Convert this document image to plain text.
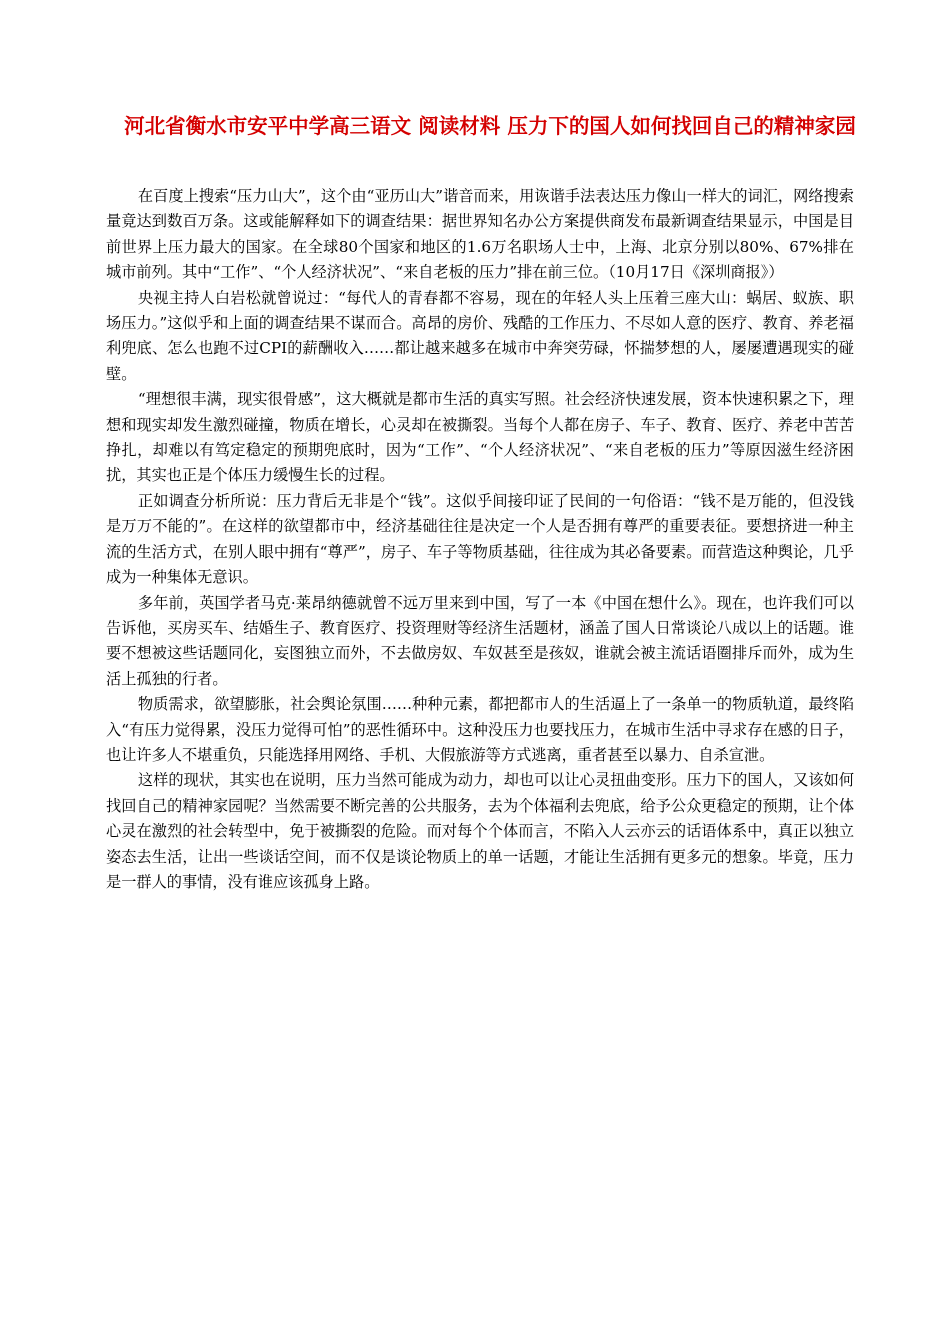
河北省衡水市安平中学高三语文 阅读材料 压力下的国人如何找回自己的精神家园

在百度上搜索“压力山大”，这个由“亚历山大”谐音而来，用诙谐手法表达压力像山一样大的词汇，网络搜索量竟达到数百万条。这或能解释如下的调查结果：据世界知名办公方案提供商发布最新调查结果显示，中国是目前世界上压力最大的国家。在全球80个国家和地区的1.6万名职场人士中，上海、北京分别以80%、67%排在城市前列。其中“工作”、“个人经济状况”、“来自老板的压力”排在前三位。（10月17日《深圳商报》）

央视主持人白岩松就曾说过：“每代人的青春都不容易，现在的年轻人头上压着三座大山：蜗居、蚁族、职场压力。”这似乎和上面的调查结果不谋而合。高昂的房价、残酷的工作压力、不尽如人意的医疗、教育、养老福利兜底、怎么也跑不过CPI的薪酬收入……都让越来越多在城市中奔突劳碌，怀揣梦想的人，屡屡遭遇现实的碰壁。

“理想很丰满，现实很骨感”，这大概就是都市生活的真实写照。社会经济快速发展，资本快速积累之下，理想和现实却发生激烈碰撞，物质在增长，心灵却在被撕裂。当每个人都在房子、车子、教育、医疗、养老中苦苦挣扎，却难以有笃定稳定的预期兜底时，因为“工作”、“个人经济状况”、“来自老板的压力”等原因滋生经济困扰，其实也正是个体压力缓慢生长的过程。

正如调查分析所说：压力背后无非是个“钱”。这似乎间接印证了民间的一句俗语：“钱不是万能的，但没钱是万万不能的”。在这样的欲望都市中，经济基础往往是决定一个人是否拥有尊严的重要表征。要想挤进一种主流的生活方式，在别人眼中拥有“尊严”，房子、车子等物质基础，往往成为其必备要素。而营造这种舆论，几乎成为一种集体无意识。

多年前，英国学者马克·莱昂纳德就曾不远万里来到中国，写了一本《中国在想什么》。现在，也许我们可以告诉他，买房买车、结婚生子、教育医疗、投资理财等经济生活题材，涵盖了国人日常谈论八成以上的话题。谁要不想被这些话题同化，妄图独立而外，不去做房奴、车奴甚至是孩奴，谁就会被主流话语圈排斥而外，成为生活上孤独的行者。

物质需求，欲望膨胀，社会舆论氛围……种种元素，都把都市人的生活逼上了一条单一的物质轨道，最终陷入“有压力觉得累，没压力觉得可怕”的恶性循环中。这种没压力也要找压力，在城市生活中寻求存在感的日子，也让许多人不堪重负，只能选择用网络、手机、大假旅游等方式逃离，重者甚至以暴力、自杀宣泄。

这样的现状，其实也在说明，压力当然可能成为动力，却也可以让心灵扭曲变形。压力下的国人，又该如何找回自己的精神家园呢？当然需要不断完善的公共服务，去为个体福利去兜底，给予公众更稳定的预期，让个体心灵在激烈的社会转型中，免于被撕裂的危险。而对每个个体而言，不陷入人云亦云的话语体系中，真正以独立姿态去生活，让出一些谈话空间，而不仅是谈论物质上的单一话题，才能让生活拥有更多元的想象。毕竟，压力是一群人的事情，没有谁应该孤身上路。
